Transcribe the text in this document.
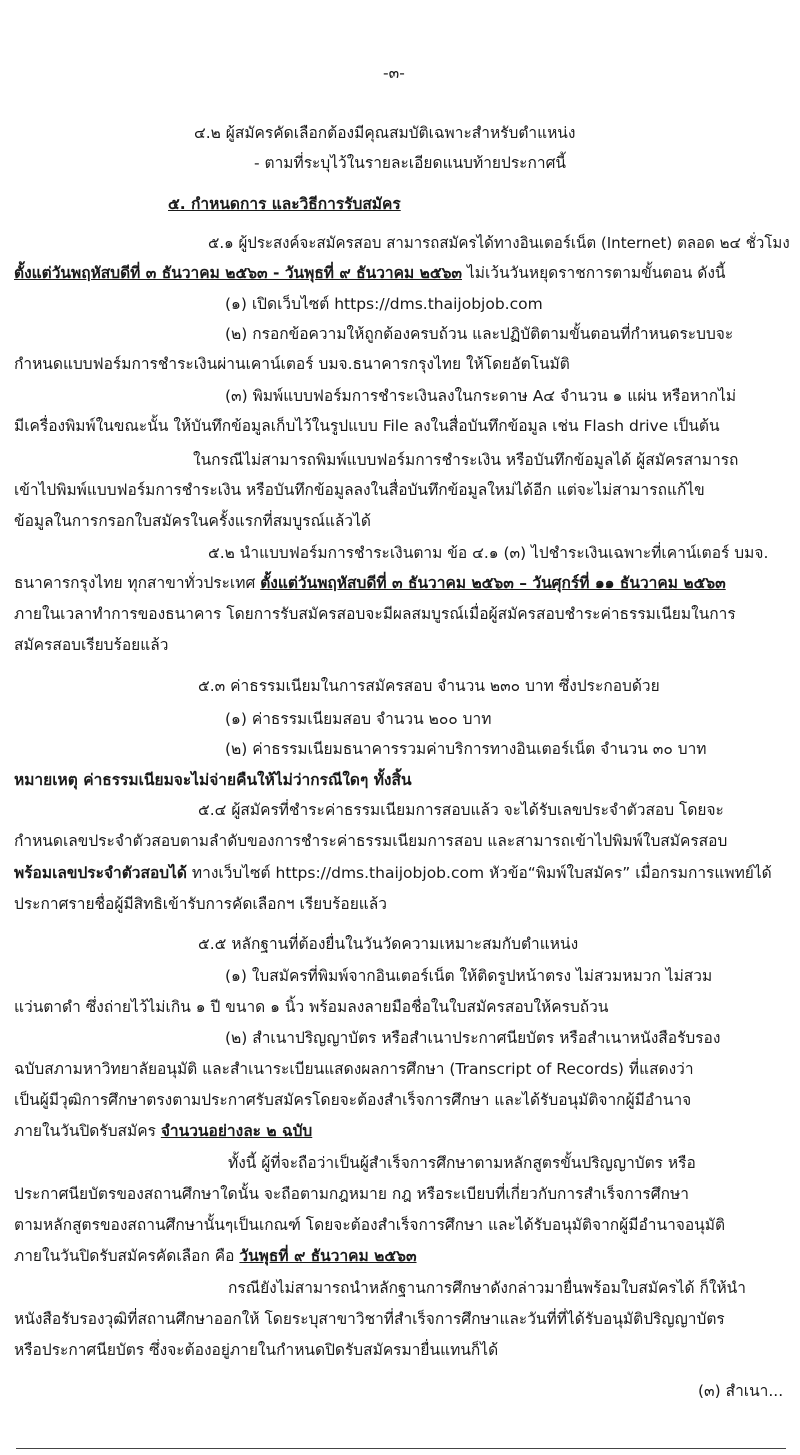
-๓-
๔.๒ ผู้สมัครคัดเลือกต้องมีคุณสมบัติเฉพาะสำหรับตำแหน่ง
- ตามที่ระบุไว้ในรายละเอียดแนบท้ายประกาศนี้
๕. กำหนดการ และวิธีการรับสมัคร
๕.๑ ผู้ประสงค์จะสมัครสอบ สามารถสมัครได้ทางอินเตอร์เน็ต (Internet) ตลอด ๒๔ ชั่วโมง
ตั้งแต่วันพฤหัสบดีที่ ๓ ธันวาคม ๒๕๖๓ - วันพุธที่ ๙ ธันวาคม ๒๕๖๓ ไม่เว้นวันหยุดราชการตามขั้นตอน ดังนี้
(๑) เปิดเว็บไซต์ https://dms.thaijobjob.com
(๒) กรอกข้อความให้ถูกต้องครบถ้วน และปฏิบัติตามขั้นตอนที่กำหนดระบบจะ
กำหนดแบบฟอร์มการชำระเงินผ่านเคาน์เตอร์ บมจ.ธนาคารกรุงไทย ให้โดยอัตโนมัติ
(๓) พิมพ์แบบฟอร์มการชำระเงินลงในกระดาษ A๔ จำนวน ๑ แผ่น หรือหากไม่
มีเครื่องพิมพ์ในขณะนั้น ให้บันทึกข้อมูลเก็บไว้ในรูปแบบ File ลงในสื่อบันทึกข้อมูล เช่น Flash drive เป็นต้น
ในกรณีไม่สามารถพิมพ์แบบฟอร์มการชำระเงิน หรือบันทึกข้อมูลได้ ผู้สมัครสามารถ
เข้าไปพิมพ์แบบฟอร์มการชำระเงิน หรือบันทึกข้อมูลลงในสื่อบันทึกข้อมูลใหม่ได้อีก แต่จะไม่สามารถแก้ไข
ข้อมูลในการกรอกใบสมัครในครั้งแรกที่สมบูรณ์แล้วได้
๕.๒ นำแบบฟอร์มการชำระเงินตาม ข้อ ๔.๑ (๓) ไปชำระเงินเฉพาะที่เคาน์เตอร์ บมจ.
ธนาคารกรุงไทย ทุกสาขาทั่วประเทศ ตั้งแต่วันพฤหัสบดีที่ ๓ ธันวาคม ๒๕๖๓ – วันศุกร์ที่ ๑๑ ธันวาคม ๒๕๖๓
ภายในเวลาทำการของธนาคาร โดยการรับสมัครสอบจะมีผลสมบูรณ์เมื่อผู้สมัครสอบชำระค่าธรรมเนียมในการ
สมัครสอบเรียบร้อยแล้ว
๕.๓ ค่าธรรมเนียมในการสมัครสอบ จำนวน ๒๓๐ บาท ซึ่งประกอบด้วย
(๑) ค่าธรรมเนียมสอบ จำนวน ๒๐๐ บาท
(๒) ค่าธรรมเนียมธนาคารรวมค่าบริการทางอินเตอร์เน็ต จำนวน ๓๐ บาท
หมายเหตุ ค่าธรรมเนียมจะไม่จ่ายคืนให้ไม่ว่ากรณีใดๆ ทั้งสิ้น
๕.๔ ผู้สมัครที่ชำระค่าธรรมเนียมการสอบแล้ว จะได้รับเลขประจำตัวสอบ โดยจะ
กำหนดเลขประจำตัวสอบตามลำดับของการชำระค่าธรรมเนียมการสอบ และสามารถเข้าไปพิมพ์ใบสมัครสอบ
พร้อมเลขประจำตัวสอบได้ ทางเว็บไซต์ https://dms.thaijobjob.com หัวข้อ“พิมพ์ใบสมัคร” เมื่อกรมการแพทย์ได้
ประกาศรายชื่อผู้มีสิทธิเข้ารับการคัดเลือกฯ เรียบร้อยแล้ว
๕.๕ หลักฐานที่ต้องยื่นในวันวัดความเหมาะสมกับตำแหน่ง
(๑) ใบสมัครที่พิมพ์จากอินเตอร์เน็ต ให้ติดรูปหน้าตรง ไม่สวมหมวก ไม่สวม
แว่นตาดำ ซึ่งถ่ายไว้ไม่เกิน ๑ ปี ขนาด ๑ นิ้ว พร้อมลงลายมือชื่อในใบสมัครสอบให้ครบถ้วน
(๒) สำเนาปริญญาบัตร หรือสำเนาประกาศนียบัตร หรือสำเนาหนังสือรับรอง
ฉบับสภามหาวิทยาลัยอนุมัติ และสำเนาระเบียนแสดงผลการศึกษา (Transcript of Records) ที่แสดงว่า
เป็นผู้มีวุฒิการศึกษาตรงตามประกาศรับสมัครโดยจะต้องสำเร็จการศึกษา และได้รับอนุมัติจากผู้มีอำนาจ
ภายในวันปิดรับสมัคร จำนวนอย่างละ ๒ ฉบับ
ทั้งนี้ ผู้ที่จะถือว่าเป็นผู้สำเร็จการศึกษาตามหลักสูตรขั้นปริญญาบัตร หรือ
ประกาศนียบัตรของสถานศึกษาใดนั้น จะถือตามกฎหมาย กฎ หรือระเบียบที่เกี่ยวกับการสำเร็จการศึกษา
ตามหลักสูตรของสถานศึกษานั้นๆเป็นเกณฑ์ โดยจะต้องสำเร็จการศึกษา และได้รับอนุมัติจากผู้มีอำนาจอนุมัติ
ภายในวันปิดรับสมัครคัดเลือก คือ วันพุธที่ ๙ ธันวาคม ๒๕๖๓
กรณียังไม่สามารถนำหลักฐานการศึกษาดังกล่าวมายื่นพร้อมใบสมัครได้ ก็ให้นำ
หนังสือรับรองวุฒิที่สถานศึกษาออกให้ โดยระบุสาขาวิชาที่สำเร็จการศึกษาและวันที่ที่ได้รับอนุมัติปริญญาบัตร
หรือประกาศนียบัตร ซึ่งจะต้องอยู่ภายในกำหนดปิดรับสมัครมายื่นแทนก็ได้
(๓) สำเนา...
